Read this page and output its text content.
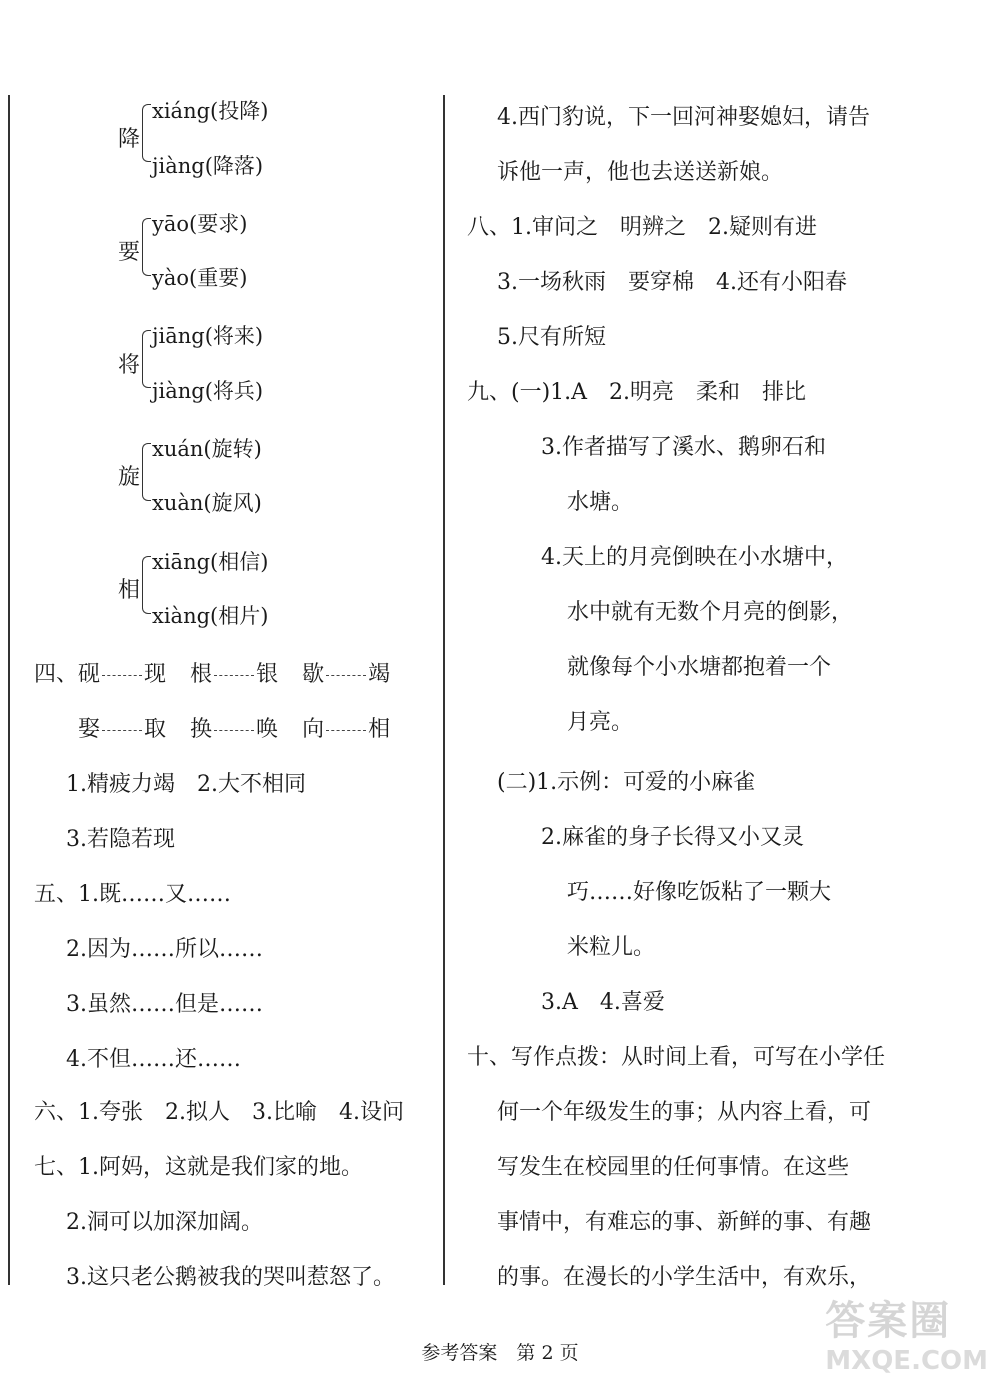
降
xiáng(投降)
jiàng(降落)
要
yāo(要求)
yào(重要)
将
jiāng(将来)
jiàng(将兵)
旋
xuán(旋转)
xuàn(旋风)
相
xiāng(相信)
xiàng(相片)
四、砚 现 根 银 歇 竭
娶 取 换 唤 向 相
1.精疲力竭　2.大不相同
3.若隐若现
五、1.既……又……
2.因为……所以……
3.虽然……但是……
4.不但……还……
六、1.夸张　2.拟人　3.比喻　4.设问
七、1.阿妈，这就是我们家的地。
2.洞可以加深加阔。
3.这只老公鹅被我的哭叫惹怒了。
4.西门豹说，下一回河神娶媳妇，请告
诉他一声，他也去送送新娘。
八、1.审问之　明辨之　2.疑则有进
3.一场秋雨　要穿棉　4.还有小阳春
5.尺有所短
九、(一)1.A　2.明亮　柔和　排比
3.作者描写了溪水、鹅卵石和
水塘。
4.天上的月亮倒映在小水塘中，
水中就有无数个月亮的倒影，
就像每个小水塘都抱着一个
月亮。
(二)1.示例：可爱的小麻雀
2.麻雀的身子长得又小又灵
巧……好像吃饭粘了一颗大
米粒儿。
3.A　4.喜爱
十、写作点拨：从时间上看，可写在小学任
何一个年级发生的事；从内容上看，可
写发生在校园里的任何事情。在这些
事情中，有难忘的事、新鲜的事、有趣
的事。在漫长的小学生活中，有欢乐，
参考答案　第 2 页
答案圈
MXQE.COM
